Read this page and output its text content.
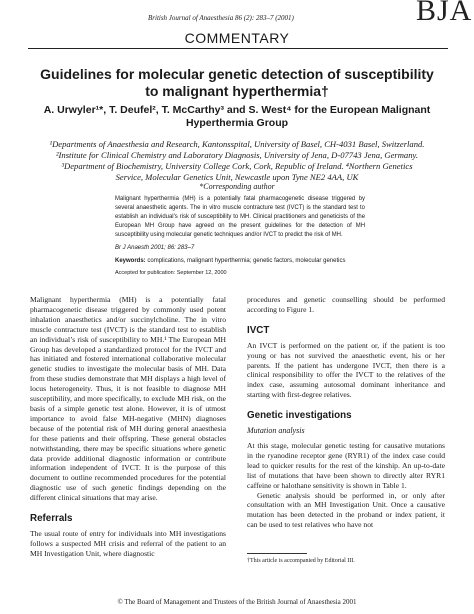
British Journal of Anaesthesia 86 (2): 283–7 (2001)	BJA
COMMENTARY
Guidelines for molecular genetic detection of susceptibility to malignant hyperthermia†
A. Urwyler¹*, T. Deufel², T. McCarthy³ and S. West⁴ for the European Malignant Hyperthermia Group
¹Departments of Anaesthesia and Research, Kantonsspital, University of Basel, CH-4031 Basel, Switzerland.
²Institute for Clinical Chemistry and Laboratory Diagnosis, University of Jena, D-07743 Jena, Germany.
³Department of Biochemistry, University College Cork, Cork, Republic of Ireland. ⁴Northern Genetics
Service, Molecular Genetics Unit, Newcastle upon Tyne NE2 4AA, UK
*Corresponding author
Malignant hyperthermia (MH) is a potentially fatal pharmacogenetic disease triggered by several anaesthetic agents. The in vitro muscle contracture test (IVCT) is the standard test to establish an individual’s risk of susceptibility to MH. Clinical practitioners and geneticists of the European MH Group have agreed on the present guidelines for the detection of MH susceptibility using molecular genetic techniques and/or IVCT to predict the risk of MH.
Br J Anaesth 2001; 86: 283–7
Keywords: complications, malignant hyperthermia; genetic factors, molecular genetics
Accepted for publication: September 12, 2000

Malignant hyperthermia (MH) is a potentially fatal pharmacogenetic disease triggered by commonly used potent inhalation anaesthetics and/or succinylcholine. The in vitro muscle contracture test (IVCT) is the standard test to establish an individual’s risk of susceptibility to MH.¹ The European MH Group has developed a standardized protocol for the IVCT and has initiated and fostered international collaborative molecular genetic studies to investigate the molecular basis of MH. Data from these studies demonstrate that MH displays a high level of locus heterogeneity. Thus, it is not feasible to diagnose MH susceptibility, and more specifically, to exclude MH risk, on the basis of a simple genetic test alone. However, it is of utmost importance to avoid false MH-negative (MHN) diagnoses because of the potential risk of MH during general anaesthesia for these patients and their offspring. These general obstacles notwithstanding, there may be specific situations where genetic data provide additional diagnostic information or contribute information independent of IVCT. It is the purpose of this document to outline recommended procedures for the potential diagnostic use of such genetic findings depending on the different clinical situations that may arise.

Referrals

The usual route of entry for individuals into MH investigations follows a suspected MH crisis and referral of the patient to an MH Investigation Unit, where diagnostic

procedures and genetic counselling should be performed according to Figure 1.

IVCT

An IVCT is performed on the patient or, if the patient is too young or has not survived the anaesthetic event, his or her parents. If the patient has undergone IVCT, then there is a clinical responsibility to offer the IVCT to the relatives of the index case, assuming autosomal dominant inheritance and starting with first-degree relatives.

Genetic investigations
Mutation analysis

At this stage, molecular genetic testing for causative mutations in the ryanodine receptor gene (RYR1) of the index case could lead to quicker results for the rest of the kinship. An up-to-date list of mutations that have been shown to directly alter RYR1 caffeine or halothane sensitivity is shown in Table 1.

Genetic analysis should be performed in, or only after consultation with an MH Investigation Unit. Once a causative mutation has been detected in the proband or index patient, it can be used to test relatives who have not

†This article is accompanied by Editorial III.
© The Board of Management and Trustees of the British Journal of Anaesthesia 2001
